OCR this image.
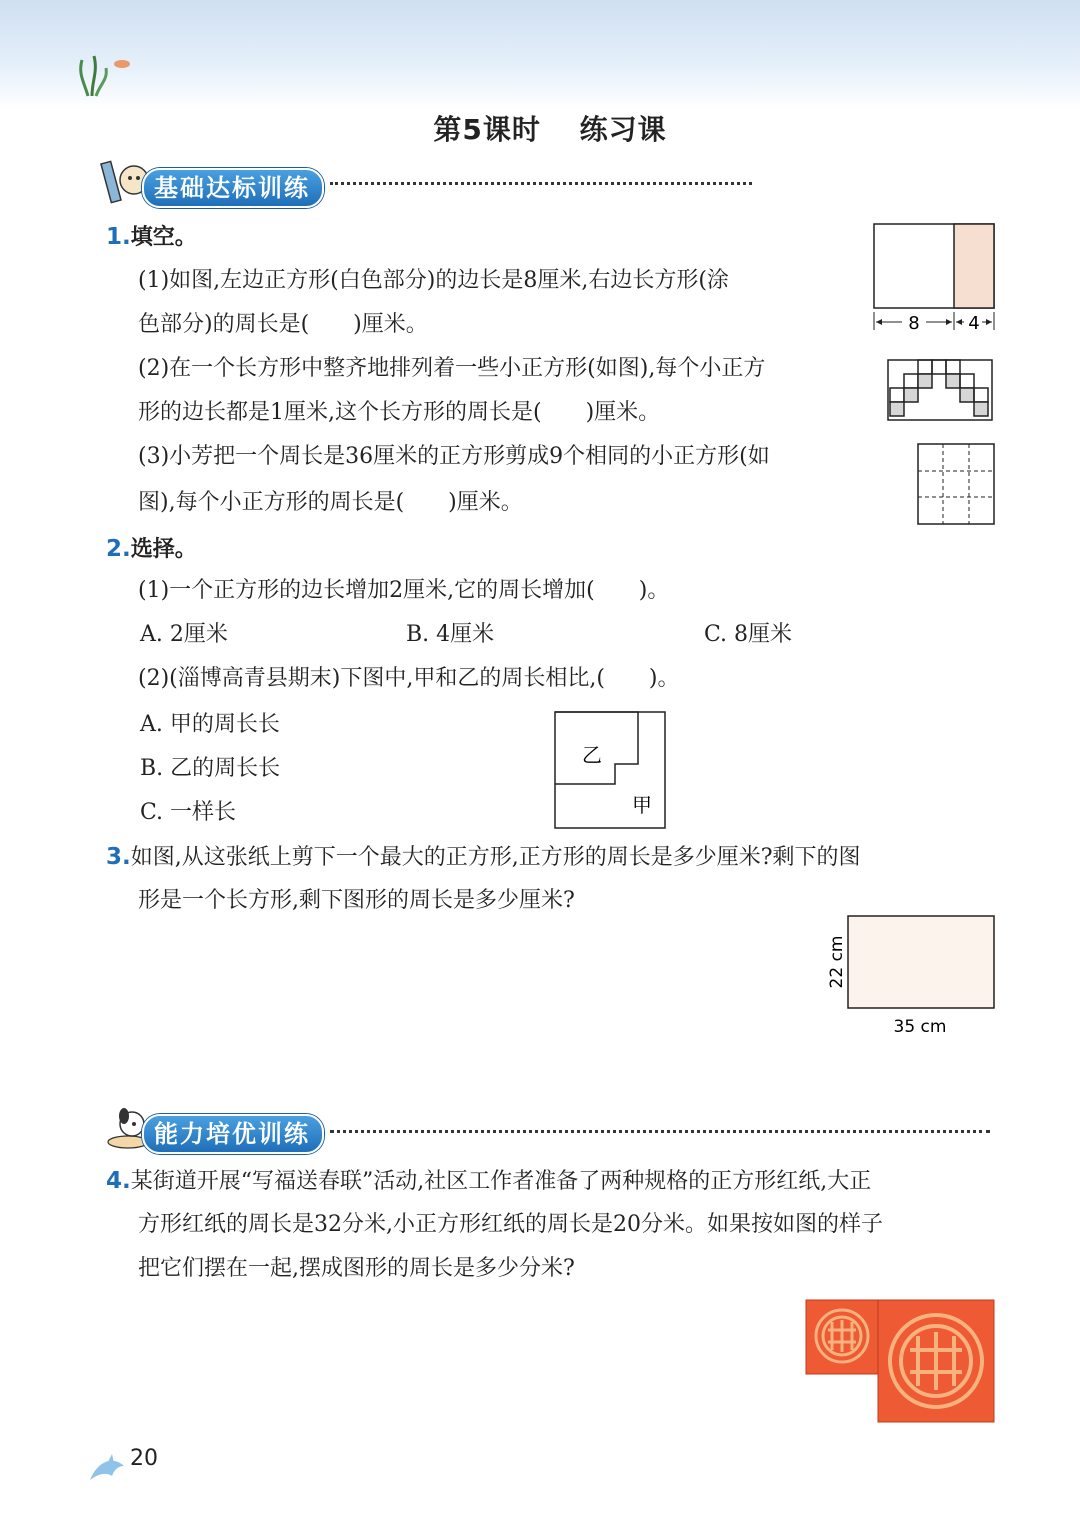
第5课时 练习课
基础达标训练
1.填空。
(1)如图,左边正方形(白色部分)的边长是8厘米,右边长方形(涂
色部分)的周长是(　　)厘米。	8	4
(2)在一个长方形中整齐地排列着一些小正方形(如图),每个小正方
形的边长都是1厘米,这个长方形的周长是(　　)厘米。
(3)小芳把一个周长是36厘米的正方形剪成9个相同的小正方形(如
图),每个小正方形的周长是(　　)厘米。
2.选择。
(1)一个正方形的边长增加2厘米,它的周长增加(　　)。
A. 2厘米	B. 4厘米	C. 8厘米
(2)(淄博高青县期末)下图中,甲和乙的周长相比,(　　)。
A. 甲的周长长
B. 乙的周长长
C. 一样长
乙
甲
3.如图,从这张纸上剪下一个最大的正方形,正方形的周长是多少厘米?剩下的图
形是一个长方形,剩下图形的周长是多少厘米?
22 cm
35 cm
能力培优训练
4.某街道开展“写福送春联”活动,社区工作者准备了两种规格的正方形红纸,大正
方形红纸的周长是32分米,小正方形红纸的周长是20分米。如果按如图的样子
把它们摆在一起,摆成图形的周长是多少分米?
20
